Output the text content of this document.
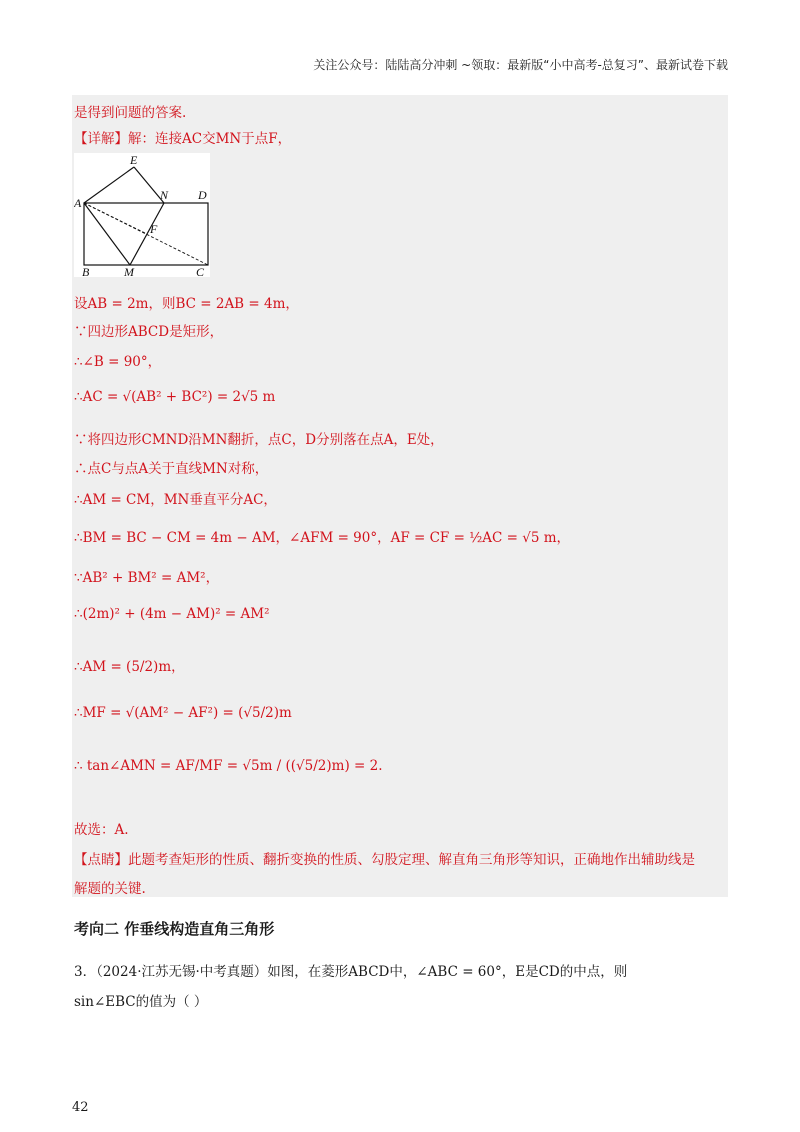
关注公众号：陆陆高分冲刺 ~领取：最新版“小中高考-总复习”、最新试卷下载
是得到问题的答案.
【详解】解：连接AC交MN于点F，
A
E
N D
F
B	M	C
设AB = 2m，则BC = 2AB = 4m，
∵四边形ABCD是矩形，
∴∠B = 90°，
∴AC = √(AB² + BC²) = 2√5 m
∵将四边形CMND沿MN翻折，点C，D分别落在点A，E处，
∴点C与点A关于直线MN对称，
∴AM = CM，MN垂直平分AC，
∴BM = BC − CM = 4m − AM，∠AFM = 90°，AF = CF = ½AC = √5 m，
∵AB² + BM² = AM²，
∴(2m)² + (4m − AM)² = AM²
∴AM = (5/2)m，
∴MF = √(AM² − AF²) = (√5/2)m
∴ tan∠AMN = AF/MF = √5m / ((√5/2)m) = 2.
故选：A.
【点睛】此题考查矩形的性质、翻折变换的性质、勾股定理、解直角三角形等知识，正确地作出辅助线是
解题的关键.
考向二 作垂线构造直角三角形
3．（2024·江苏无锡·中考真题）如图，在菱形ABCD中，∠ABC = 60°，E是CD的中点，则
sin∠EBC的值为（ ）
42
